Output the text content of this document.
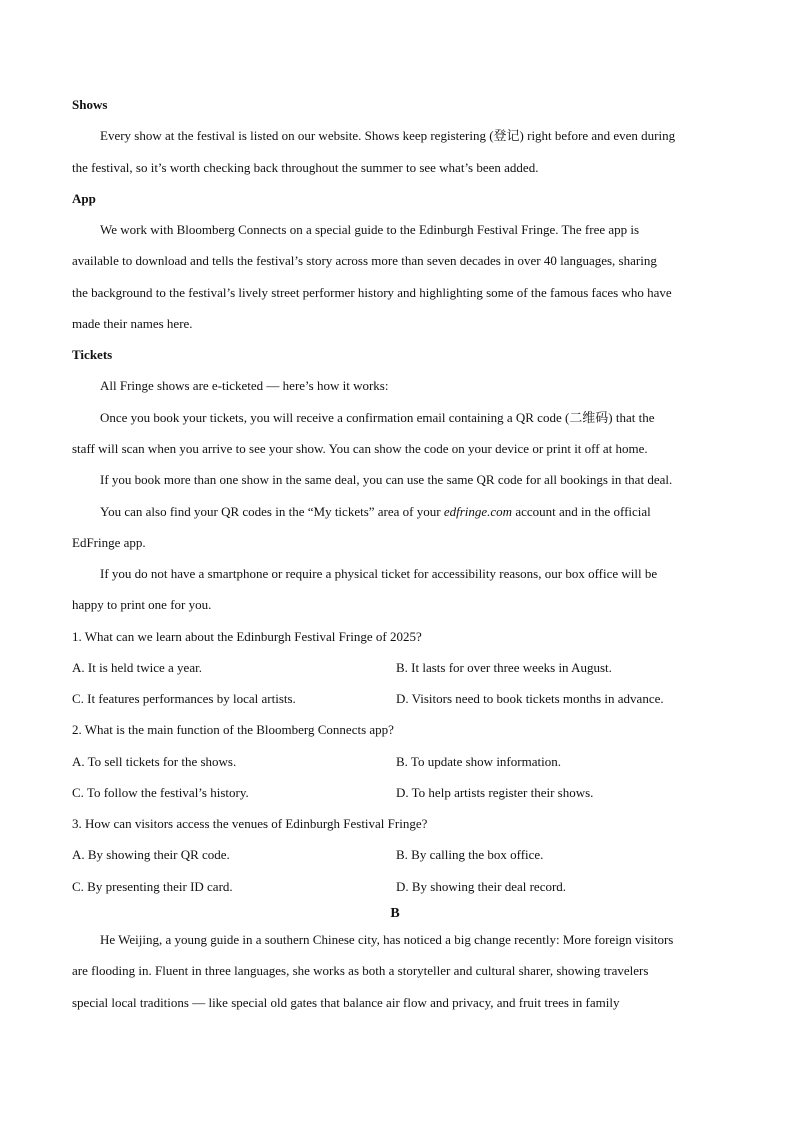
Shows
Every show at the festival is listed on our website. Shows keep registering (登记) right before and even during
the festival, so it’s worth checking back throughout the summer to see what’s been added.
App
We work with Bloomberg Connects on a special guide to the Edinburgh Festival Fringe. The free app is
available to download and tells the festival’s story across more than seven decades in over 40 languages, sharing
the background to the festival’s lively street performer history and highlighting some of the famous faces who have
made their names here.
Tickets
All Fringe shows are e-ticketed — here’s how it works:
Once you book your tickets, you will receive a confirmation email containing a QR code (二维码) that the
staff will scan when you arrive to see your show. You can show the code on your device or print it off at home.
If you book more than one show in the same deal, you can use the same QR code for all bookings in that deal.
You can also find your QR codes in the “My tickets” area of your edfringe.com account and in the official
EdFringe app.
If you do not have a smartphone or require a physical ticket for accessibility reasons, our box office will be
happy to print one for you.
1. What can we learn about the Edinburgh Festival Fringe of 2025?
A. It is held twice a year.	B. It lasts for over three weeks in August.
C. It features performances by local artists.	D. Visitors need to book tickets months in advance.
2. What is the main function of the Bloomberg Connects app?
A. To sell tickets for the shows.	B. To update show information.
C. To follow the festival’s history.	D. To help artists register their shows.
3. How can visitors access the venues of Edinburgh Festival Fringe?
A. By showing their QR code.	B. By calling the box office.
C. By presenting their ID card.	D. By showing their deal record.
B
He Weijing, a young guide in a southern Chinese city, has noticed a big change recently: More foreign visitors
are flooding in. Fluent in three languages, she works as both a storyteller and cultural sharer, showing travelers
special local traditions — like special old gates that balance air flow and privacy, and fruit trees in family
